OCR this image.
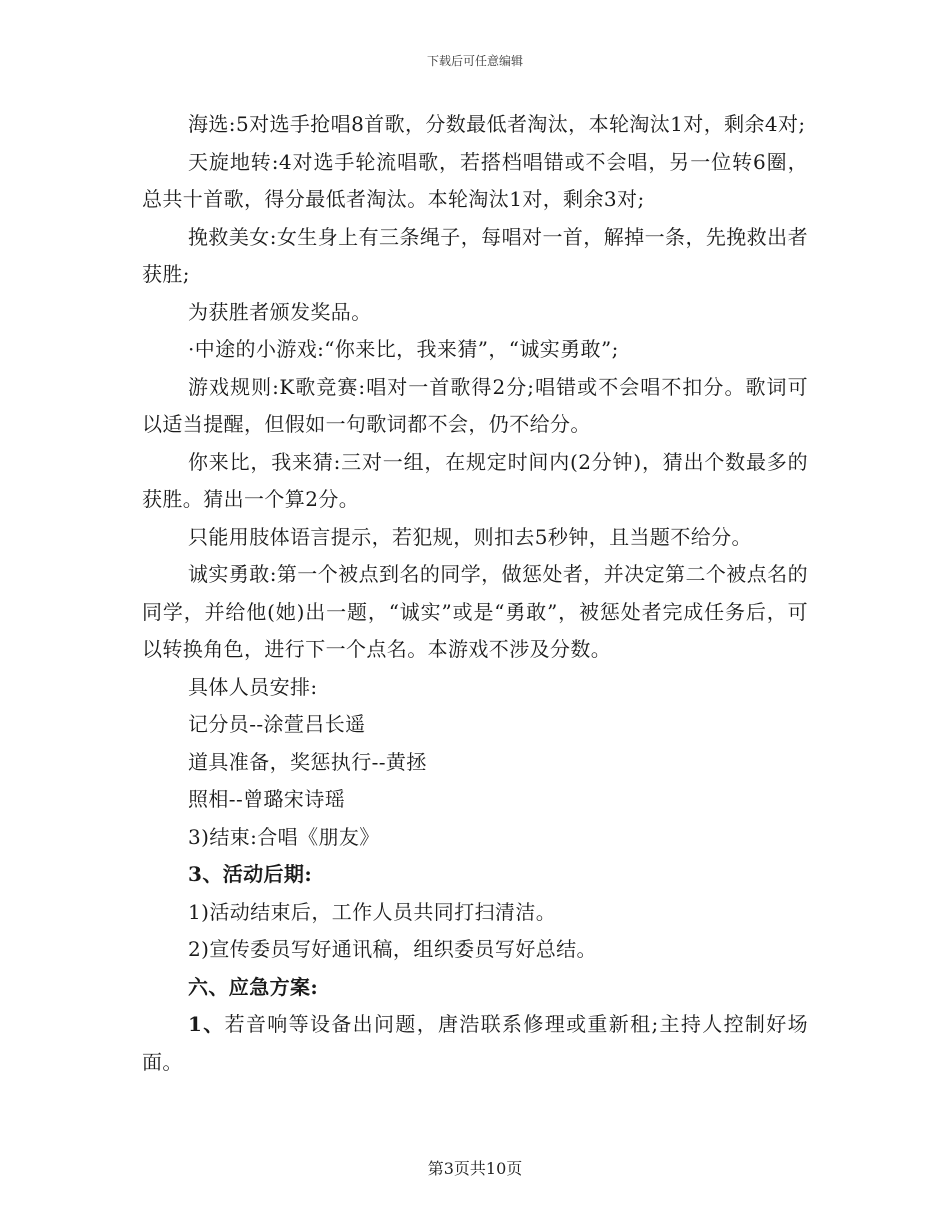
下载后可任意编辑

海选:5对选手抢唱8首歌，分数最低者淘汰，本轮淘汰1对，剩余4对;

天旋地转:4对选手轮流唱歌，若搭档唱错或不会唱，另一位转6圈，总共十首歌，得分最低者淘汰。本轮淘汰1对，剩余3对;

挽救美女:女生身上有三条绳子，每唱对一首，解掉一条，先挽救出者获胜;

为获胜者颁发奖品。

·中途的小游戏:“你来比，我来猜”，“诚实勇敢”;

游戏规则:K歌竞赛:唱对一首歌得2分;唱错或不会唱不扣分。歌词可以适当提醒，但假如一句歌词都不会，仍不给分。

你来比，我来猜:三对一组，在规定时间内(2分钟)，猜出个数最多的获胜。猜出一个算2分。

只能用肢体语言提示，若犯规，则扣去5秒钟，且当题不给分。

诚实勇敢:第一个被点到名的同学，做惩处者，并决定第二个被点名的同学，并给他(她)出一题，“诚实”或是“勇敢”，被惩处者完成任务后，可以转换角色，进行下一个点名。本游戏不涉及分数。

具体人员安排:

记分员--涂萱吕长遥

道具准备，奖惩执行--黄拯

照相--曾璐宋诗瑶

3)结束:合唱《朋友》

3、活动后期:

1)活动结束后，工作人员共同打扫清洁。

2)宣传委员写好通讯稿，组织委员写好总结。

六、应急方案:

1、若音响等设备出问题，唐浩联系修理或重新租;主持人控制好场面。

第3页共10页
